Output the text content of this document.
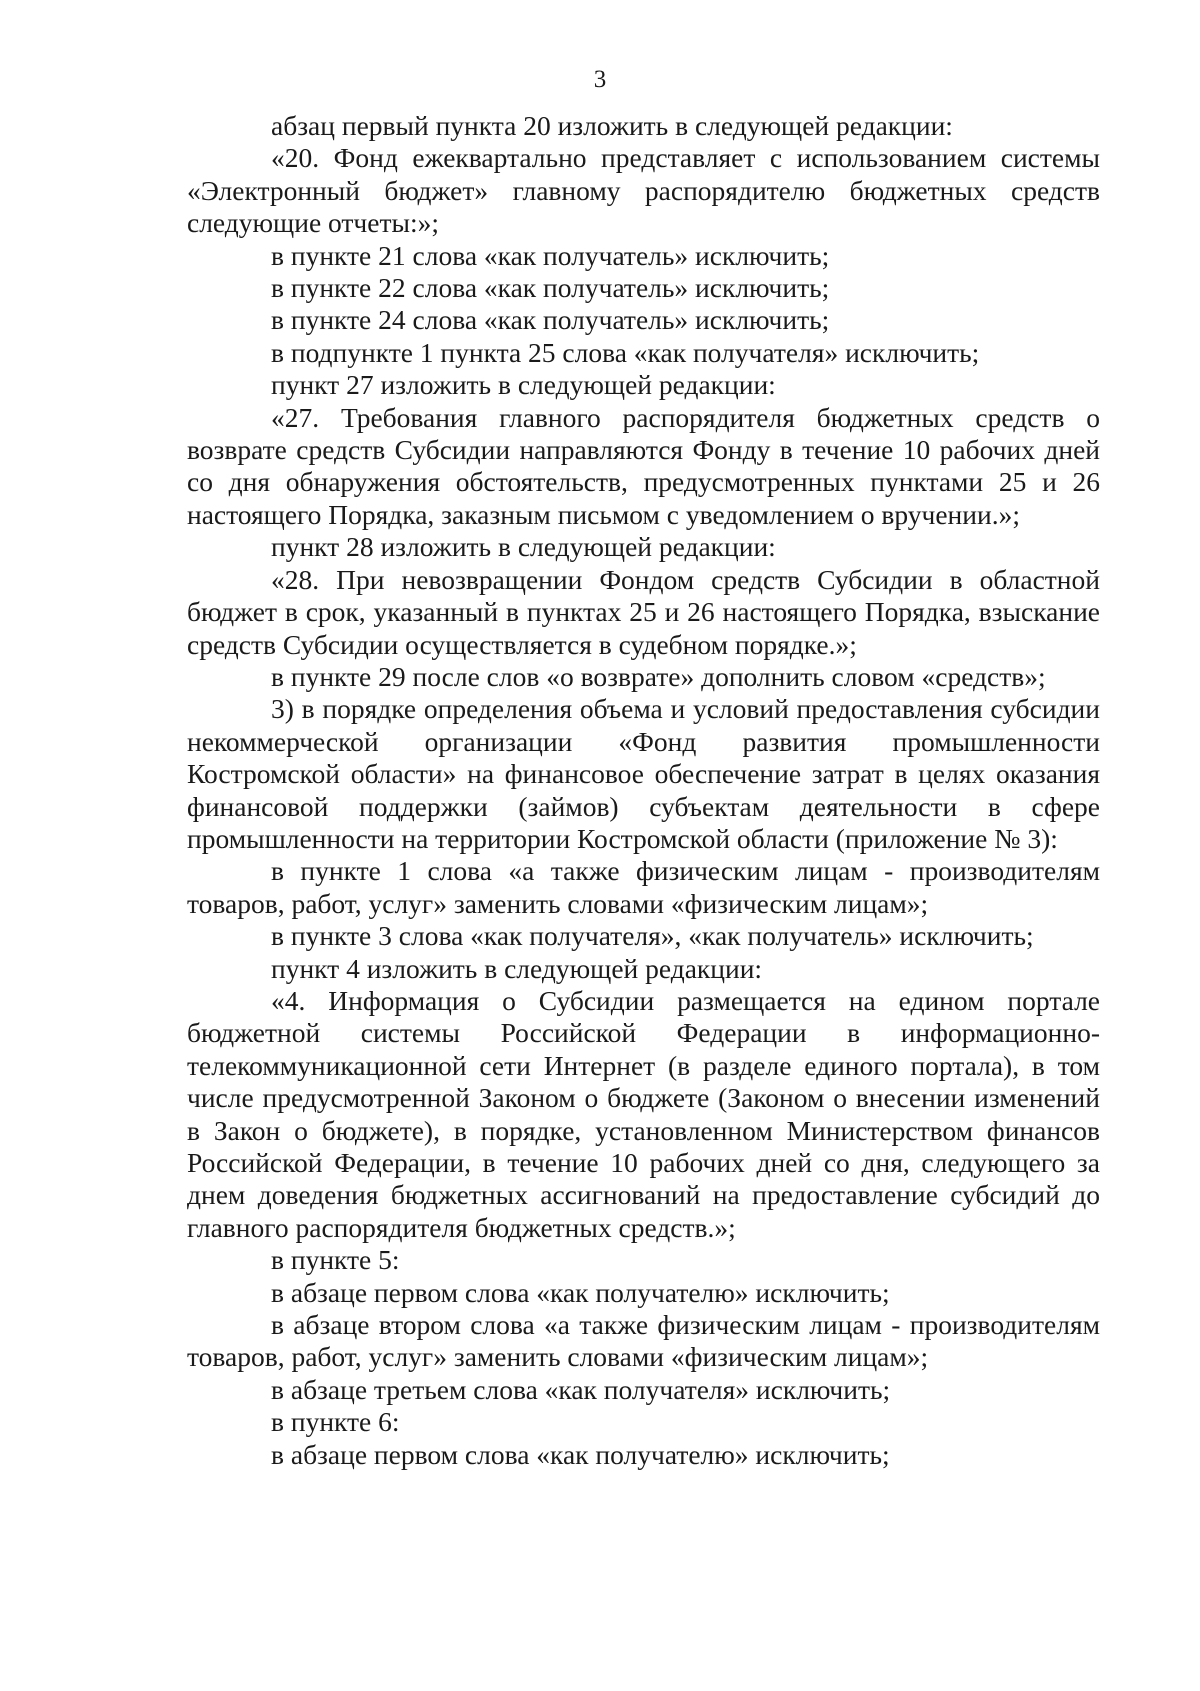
3

абзац первый пункта 20 изложить в следующей редакции:

«20. Фонд ежеквартально представляет с использованием системы «Электронный бюджет» главному распорядителю бюджетных средств следующие отчеты:»;

в пункте 21 слова «как получатель» исключить;

в пункте 22 слова «как получатель» исключить;

в пункте 24 слова «как получатель» исключить;

в подпункте 1 пункта 25 слова «как получателя» исключить;

пункт 27 изложить в следующей редакции:

«27. Требования главного распорядителя бюджетных средств о возврате средств Субсидии направляются Фонду в течение 10 рабочих дней со дня обнаружения обстоятельств, предусмотренных пунктами 25 и 26 настоящего Порядка, заказным письмом с уведомлением о вручении.»;

пункт 28 изложить в следующей редакции:

«28. При невозвращении Фондом средств Субсидии в областной бюджет в срок, указанный в пунктах 25 и 26 настоящего Порядка, взыскание средств Субсидии осуществляется в судебном порядке.»;

в пункте 29 после слов «о возврате» дополнить словом «средств»;

3) в порядке определения объема и условий предоставления субсидии некоммерческой организации «Фонд развития промышленности Костромской области» на финансовое обеспечение затрат в целях оказания финансовой поддержки (займов) субъектам деятельности в сфере промышленности на территории Костромской области (приложение № 3):

в пункте 1 слова «а также физическим лицам - производителям товаров, работ, услуг» заменить словами «физическим лицам»;

в пункте 3 слова «как получателя», «как получатель» исключить;

пункт 4 изложить в следующей редакции:

«4. Информация о Субсидии размещается на едином портале бюджетной системы Российской Федерации в информационно-телекоммуникационной сети Интернет (в разделе единого портала), в том числе предусмотренной Законом о бюджете (Законом о внесении изменений в Закон о бюджете), в порядке, установленном Министерством финансов Российской Федерации, в течение 10 рабочих дней со дня, следующего за днем доведения бюджетных ассигнований на предоставление субсидий до главного распорядителя бюджетных средств.»;

в пункте 5:

в абзаце первом слова «как получателю» исключить;

в абзаце втором слова «а также физическим лицам - производителям товаров, работ, услуг» заменить словами «физическим лицам»;

в абзаце третьем слова «как получателя» исключить;

в пункте 6:

в абзаце первом слова «как получателю» исключить;
